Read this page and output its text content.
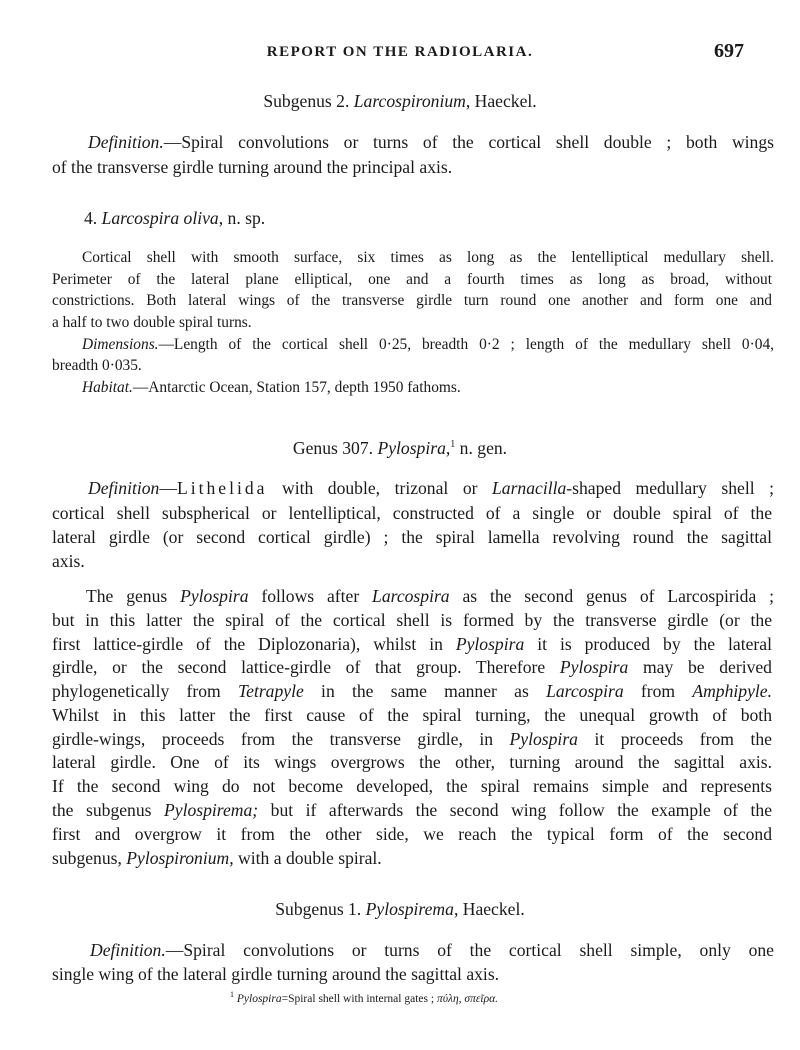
REPORT ON THE RADIOLARIA.	697
Subgenus 2. Larcospironium, Haeckel.
Definition.—Spiral convolutions or turns of the cortical shell double ; both wings
of the transverse girdle turning around the principal axis.
4. Larcospira oliva, n. sp.
Cortical shell with smooth surface, six times as long as the lentelliptical medullary shell.
Perimeter of the lateral plane elliptical, one and a fourth times as long as broad, without
constrictions. Both lateral wings of the transverse girdle turn round one another and form one and
a half to two double spiral turns.
Dimensions.—Length of the cortical shell 0·25, breadth 0·2 ; length of the medullary shell 0·04,
breadth 0·035.
Habitat.—Antarctic Ocean, Station 157, depth 1950 fathoms.
Genus 307. Pylospira,$^1$ n. gen.
Definition—Lithelida with double, trizonal or Larnacilla-shaped medullary shell ;
cortical shell subspherical or lentelliptical, constructed of a single or double spiral of the
lateral girdle (or second cortical girdle) ; the spiral lamella revolving round the sagittal
axis.
The genus Pylospira follows after Larcospira as the second genus of Larcospirida ;
but in this latter the spiral of the cortical shell is formed by the transverse girdle (or the
first lattice-girdle of the Diplozonaria), whilst in Pylospira it is produced by the lateral
girdle, or the second lattice-girdle of that group. Therefore Pylospira may be derived
phylogenetically from Tetrapyle in the same manner as Larcospira from Amphipyle.
Whilst in this latter the first cause of the spiral turning, the unequal growth of both
girdle-wings, proceeds from the transverse girdle, in Pylospira it proceeds from the
lateral girdle. One of its wings overgrows the other, turning around the sagittal axis.
If the second wing do not become developed, the spiral remains simple and represents
the subgenus Pylospirema; but if afterwards the second wing follow the example of the
first and overgrow it from the other side, we reach the typical form of the second
subgenus, Pylospironium, with a double spiral.
Subgenus 1. Pylospirema, Haeckel.
Definition.—Spiral convolutions or turns of the cortical shell simple, only one
single wing of the lateral girdle turning around the sagittal axis.
$^1$ Pylospira=Spiral shell with internal gates ; πύλη, σπεῖρα.
